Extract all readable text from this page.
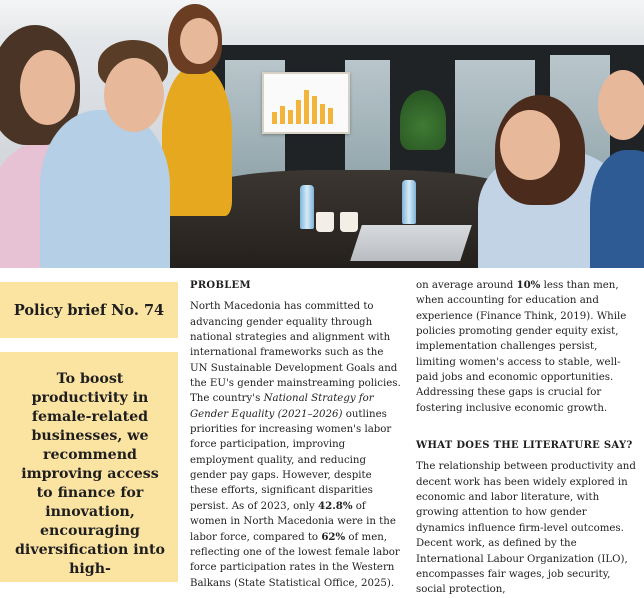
Policy brief No. 74
To boost productivity in female-related businesses, we recommend improving access to finance for innovation, encouraging diversification into high-
PROBLEM

North Macedonia has committed to advancing gender equality through national strategies and alignment with international frameworks such as the UN Sustainable Development Goals and the EU's gender mainstreaming policies. The country's National Strategy for Gender Equality (2021–2026) outlines priorities for increasing women's labor force participation, improving employment quality, and reducing gender pay gaps. However, despite these efforts, significant disparities persist. As of 2023, only 42.8% of women in North Macedonia were in the labor force, compared to 62% of men, reflecting one of the lowest female labor force participation rates in the Western Balkans (State Statistical Office, 2025).

on average around 10% less than men, when accounting for education and experience (Finance Think, 2019). While policies promoting gender equity exist, implementation challenges persist, limiting women's access to stable, well-paid jobs and economic opportunities. Addressing these gaps is crucial for fostering inclusive economic growth.

WHAT DOES THE LITERATURE SAY?

The relationship between productivity and decent work has been widely explored in economic and labor literature, with growing attention to how gender dynamics influence firm-level outcomes. Decent work, as defined by the International Labour Organization (ILO), encompasses fair wages, job security, social protection,
